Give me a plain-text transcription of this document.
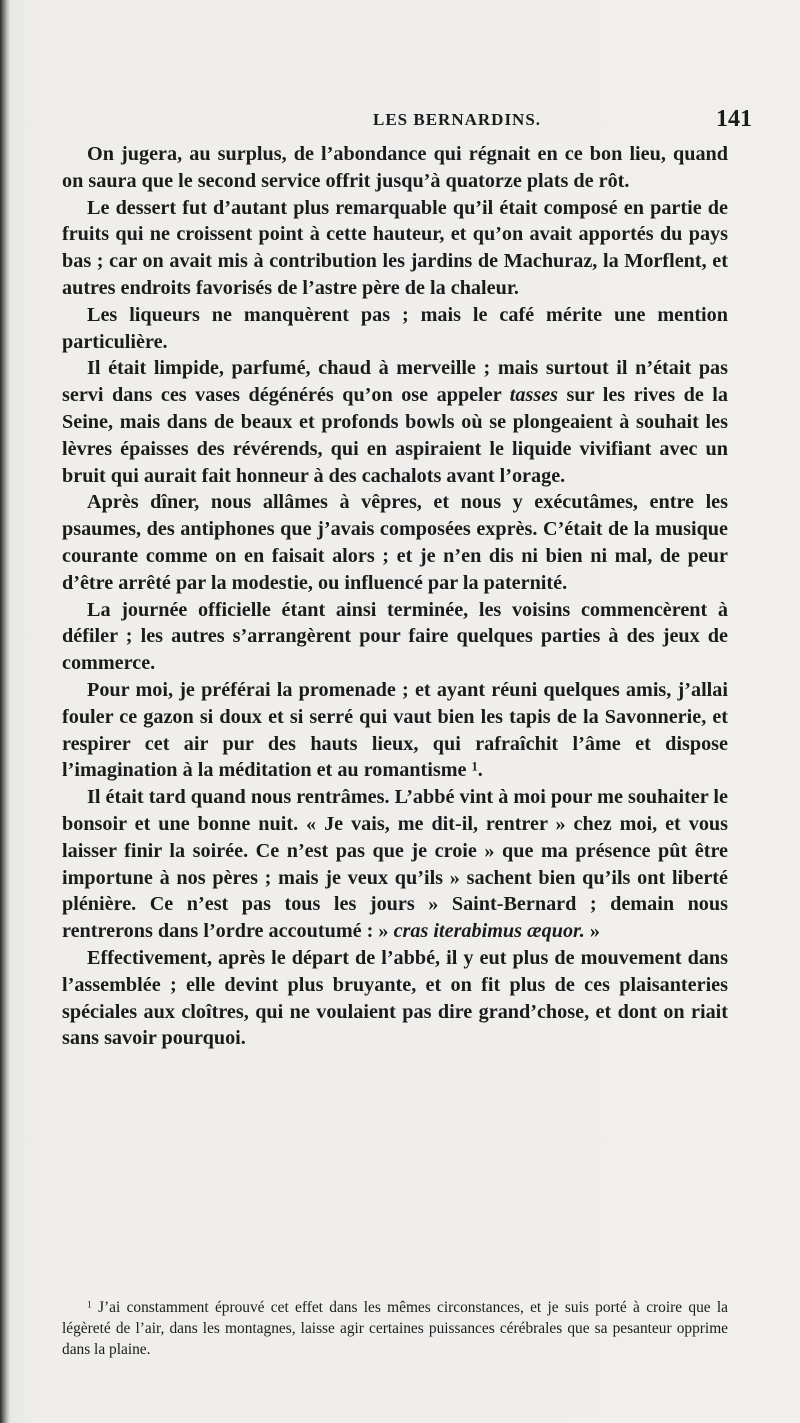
LES BERNARDINS.	141

On jugera, au surplus, de l’abondance qui régnait en ce bon lieu, quand on saura que le second service offrit jusqu’à quatorze plats de rôt.

Le dessert fut d’autant plus remarquable qu’il était composé en partie de fruits qui ne croissent point à cette hauteur, et qu’on avait apportés du pays bas ; car on avait mis à contribution les jardins de Machuraz, la Morflent, et autres endroits favorisés de l’astre père de la chaleur.

Les liqueurs ne manquèrent pas ; mais le café mérite une mention particulière.

Il était limpide, parfumé, chaud à merveille ; mais surtout il n’était pas servi dans ces vases dégénérés qu’on ose appeler tasses sur les rives de la Seine, mais dans de beaux et profonds bowls où se plongeaient à souhait les lèvres épaisses des révérends, qui en aspiraient le liquide vivifiant avec un bruit qui aurait fait honneur à des cachalots avant l’orage.

Après dîner, nous allâmes à vêpres, et nous y exécutâmes, entre les psaumes, des antiphones que j’avais composées exprès. C’était de la musique courante comme on en faisait alors ; et je n’en dis ni bien ni mal, de peur d’être arrêté par la modestie, ou influencé par la paternité.

La journée officielle étant ainsi terminée, les voisins commencèrent à défiler ; les autres s’arrangèrent pour faire quelques parties à des jeux de commerce.

Pour moi, je préférai la promenade ; et ayant réuni quelques amis, j’allai fouler ce gazon si doux et si serré qui vaut bien les tapis de la Savonnerie, et respirer cet air pur des hauts lieux, qui rafraîchit l’âme et dispose l’imagination à la méditation et au romantisme $^1$.

Il était tard quand nous rentrâmes. L’abbé vint à moi pour me souhaiter le bonsoir et une bonne nuit. « Je vais, me dit-il, rentrer » chez moi, et vous laisser finir la soirée. Ce n’est pas que je croie » que ma présence pût être importune à nos pères ; mais je veux qu’ils » sachent bien qu’ils ont liberté plénière. Ce n’est pas tous les jours » Saint-Bernard ; demain nous rentrerons dans l’ordre accoutumé : » cras iterabimus æquor. »

Effectivement, après le départ de l’abbé, il y eut plus de mouvement dans l’assemblée ; elle devint plus bruyante, et on fit plus de ces plaisanteries spéciales aux cloîtres, qui ne voulaient pas dire grand’chose, et dont on riait sans savoir pourquoi.

$^1$ J’ai constamment éprouvé cet effet dans les mêmes circonstances, et je suis porté à croire que la légèreté de l’air, dans les montagnes, laisse agir certaines puissances cérébrales que sa pesanteur opprime dans la plaine.
